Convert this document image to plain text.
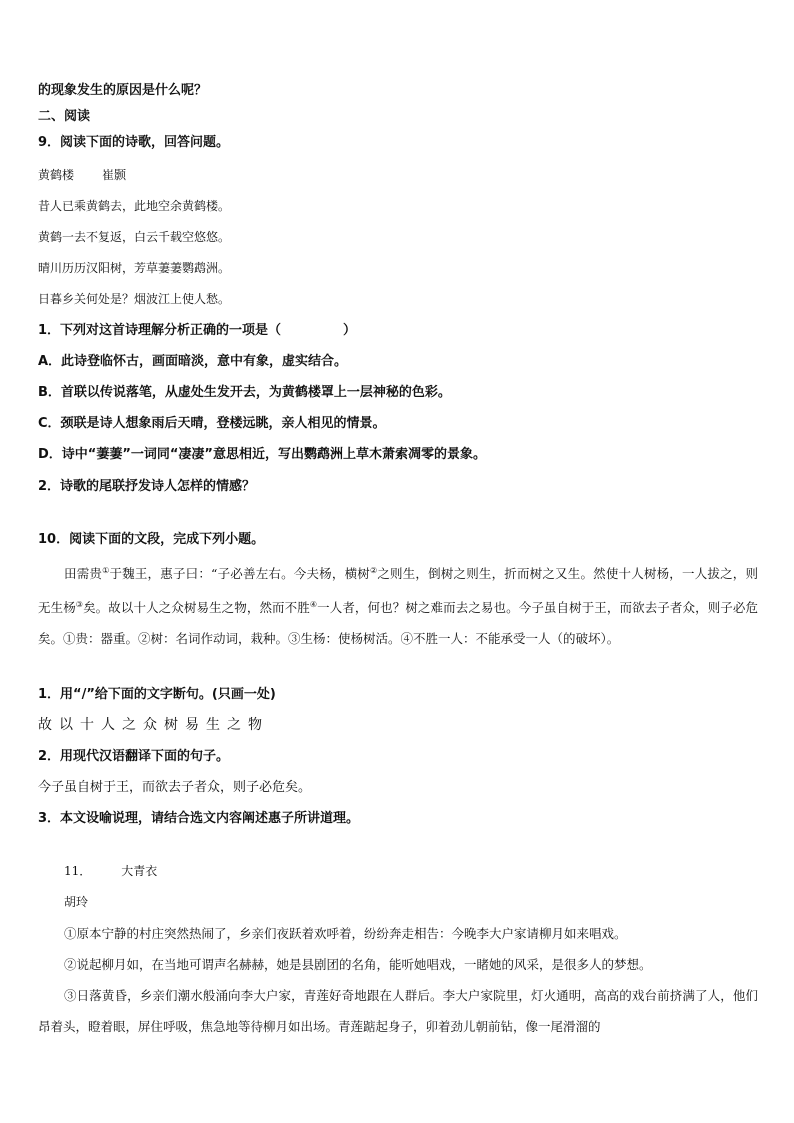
的现象发生的原因是什么呢？
二、阅读
9．阅读下面的诗歌，回答问题。
黄鹤楼 崔颢
昔人已乘黄鹤去，此地空余黄鹤楼。
黄鹤一去不复返，白云千载空悠悠。
晴川历历汉阳树，芳草萋萋鹦鹉洲。
日暮乡关何处是？烟波江上使人愁。
1．下列对这首诗理解分析正确的一项是（	）
A．此诗登临怀古，画面暗淡，意中有象，虚实结合。
B．首联以传说落笔，从虚处生发开去，为黄鹤楼罩上一层神秘的色彩。
C．颈联是诗人想象雨后天晴，登楼远眺，亲人相见的情景。
D．诗中“萋萋”一词同“凄凄”意思相近，写出鹦鹉洲上草木萧索凋零的景象。
2．诗歌的尾联抒发诗人怎样的情感？
10．阅读下面的文段，完成下列小题。

田需贵①于魏王，惠子曰：“子必善左右。今夫杨，横树②之则生，倒树之则生，折而树之又生。然使十人树杨，一人拔之，则无生杨③矣。故以十人之众树易生之物，然而不胜④一人者，何也？树之难而去之易也。今子虽自树于王，而欲去子者众，则子必危矣。①贵：器重。②树：名词作动词，栽种。③生杨：使杨树活。④不胜一人：不能承受一人（的破坏）。

1．用“/”给下面的文字断句。(只画一处)
故以十人之众树易生之物
2．用现代汉语翻译下面的句子。
今子虽自树于王，而欲去子者众，则子必危矣。
3．本文设喻说理，请结合选文内容阐述惠子所讲道理。
11．	大青衣
胡玲

①原本宁静的村庄突然热闹了，乡亲们夜跃着欢呼着，纷纷奔走相告：今晚李大户家请柳月如来唱戏。

②说起柳月如，在当地可谓声名赫赫，她是县剧团的名角，能听她唱戏，一睹她的风采，是很多人的梦想。

③日落黄昏，乡亲们潮水般涌向李大户家，青莲好奇地跟在人群后。李大户家院里，灯火通明，高高的戏台前挤满了人，他们昂着头，瞪着眼，屏住呼吸，焦急地等待柳月如出场。青莲踮起身子，卯着劲儿朝前钻，像一尾滑溜的
